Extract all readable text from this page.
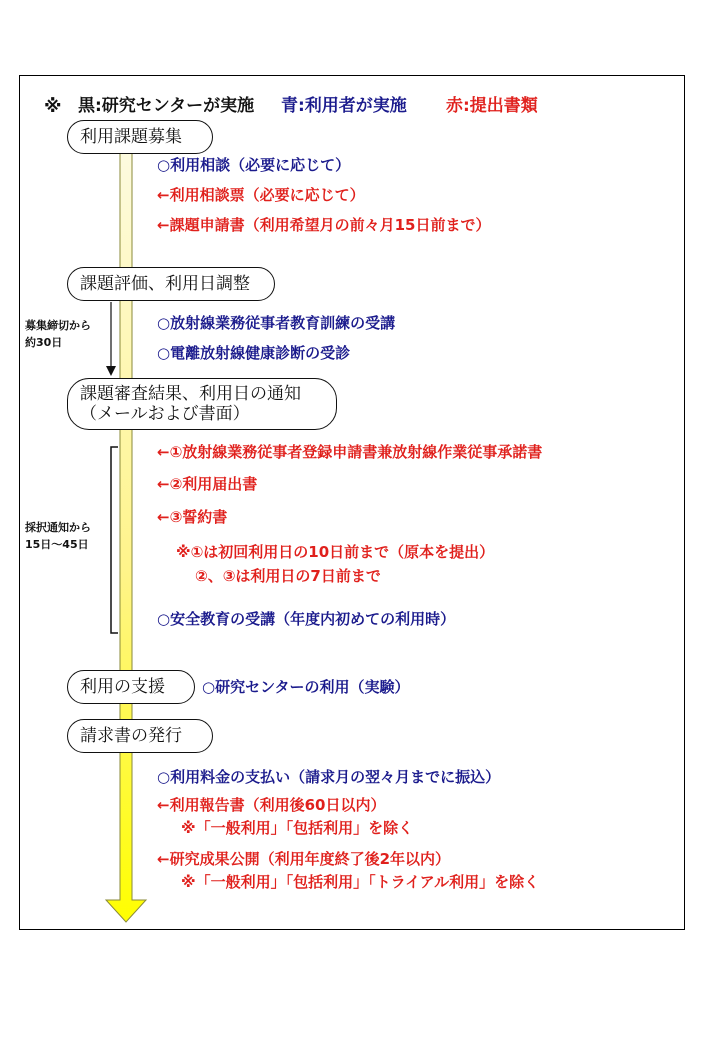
※ 黒:研究センターが実施 青:利用者が実施 赤:提出書類
利用課題募集
課題評価、利用日調整
課題審査結果、利用日の通知
（メールおよび書面）
利用の支援
請求書の発行
○利用相談（必要に応じて）
←利用相談票（必要に応じて）
←課題申請書（利用希望月の前々月15日前まで）
○放射線業務従事者教育訓練の受講
○電離放射線健康診断の受診
←①放射線業務従事者登録申請書兼放射線作業従事承諾書
←②利用届出書
←③誓約書
※①は初回利用日の10日前まで（原本を提出）
②、③は利用日の7日前まで
○安全教育の受講（年度内初めての利用時）
○研究センターの利用（実験）
○利用料金の支払い（請求月の翌々月までに振込）
←利用報告書（利用後60日以内）
※「一般利用」「包括利用」を除く
←研究成果公開（利用年度終了後2年以内）
※「一般利用」「包括利用」「トライアル利用」を除く
募集締切から
約30日
採択通知から
15日～45日
